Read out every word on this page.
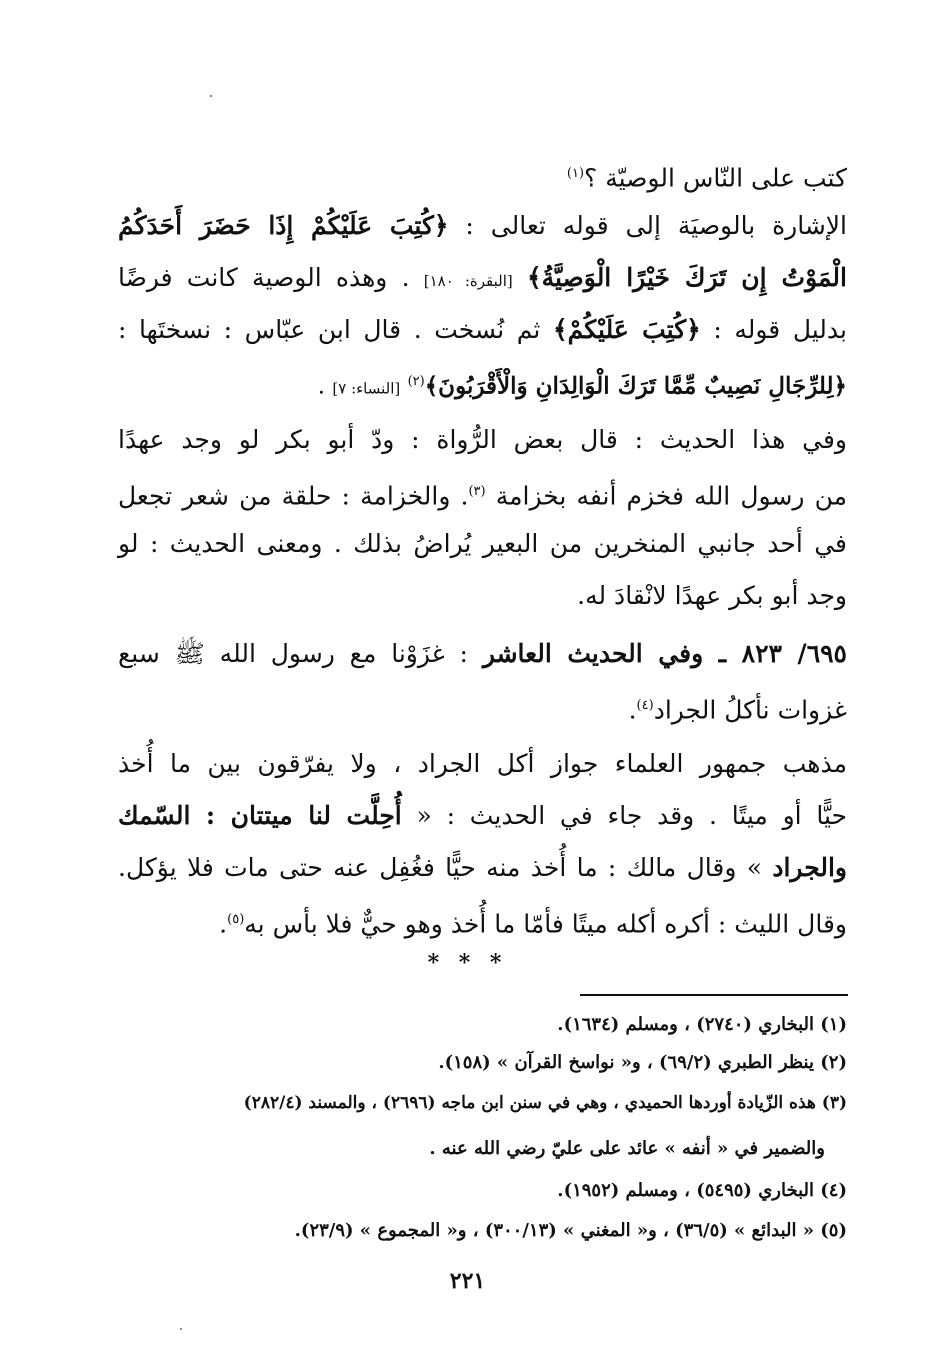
كتب على النّاس الوصيّة ؟$^{(١)}$
الإشارة بالوصيَة إلى قوله تعالى : ﴿كُتِبَ عَلَيْكُمْ إِذَا حَضَرَ أَحَدَكُمُ
الْمَوْتُ إِن تَرَكَ خَيْرًا الْوَصِيَّةُ﴾ [البقرة: ١٨٠] . وهذه الوصية كانت فرضًا
بدليل قوله : ﴿كُتِبَ عَلَيْكُمْ﴾ ثم نُسخت . قال ابن عبّاس : نسختَها :
﴿لِلرِّجَالِ نَصِيبٌ مِّمَّا تَرَكَ الْوَالِدَانِ وَالْأَقْرَبُونَ﴾$^{(٢)}$ [النساء: ٧] .
وفي هذا الحديث : قال بعض الرُّواة : ودّ أبو بكر لو وجد عهدًا
من رسول الله فخزم أنفه بخزامة $^{(٣)}$. والخزامة : حلقة من شعر تجعل
في أحد جانبي المنخرين من البعير يُراضُ بذلك . ومعنى الحديث : لو
وجد أبو بكر عهدًا لانْقادَ له.
٦٩٥/ ٨٢٣ ـ وفي الحديث العاشر : غزَوْنا مع رسول الله ﷺ سبع
غزوات نأكلُ الجراد$^{(٤)}$.
مذهب جمهور العلماء جواز أكل الجراد ، ولا يفرّقون بين ما أُخذ
حيًّا أو ميتًا . وقد جاء في الحديث : « أُحِلَّت لنا ميتتان : السّمك
والجراد » وقال مالك : ما أُخذ منه حيًّا فغُفِل عنه حتى مات فلا يؤكل.
وقال الليث : أكره أكله ميتًا فأمّا ما أُخذ وهو حيٌّ فلا بأس به$^{(٥)}$.
* * *
(١) البخاري (٢٧٤٠) ، ومسلم (١٦٣٤).
(٢) ينظر الطبري (٦٩/٢) ، و« نواسخ القرآن » (١٥٨).
(٣) هذه الزّيادة أوردها الحميدي ، وهي في سنن ابن ماجه (٢٦٩٦) ، والمسند (٢٨٢/٤)
والضمير في « أنفه » عائد على عليّ رضي الله عنه .
(٤) البخاري (٥٤٩٥) ، ومسلم (١٩٥٢).
(٥) « البدائع » (٣٦/٥) ، و« المغني » (٣٠٠/١٣) ، و« المجموع » (٢٣/٩).
٢٢١
